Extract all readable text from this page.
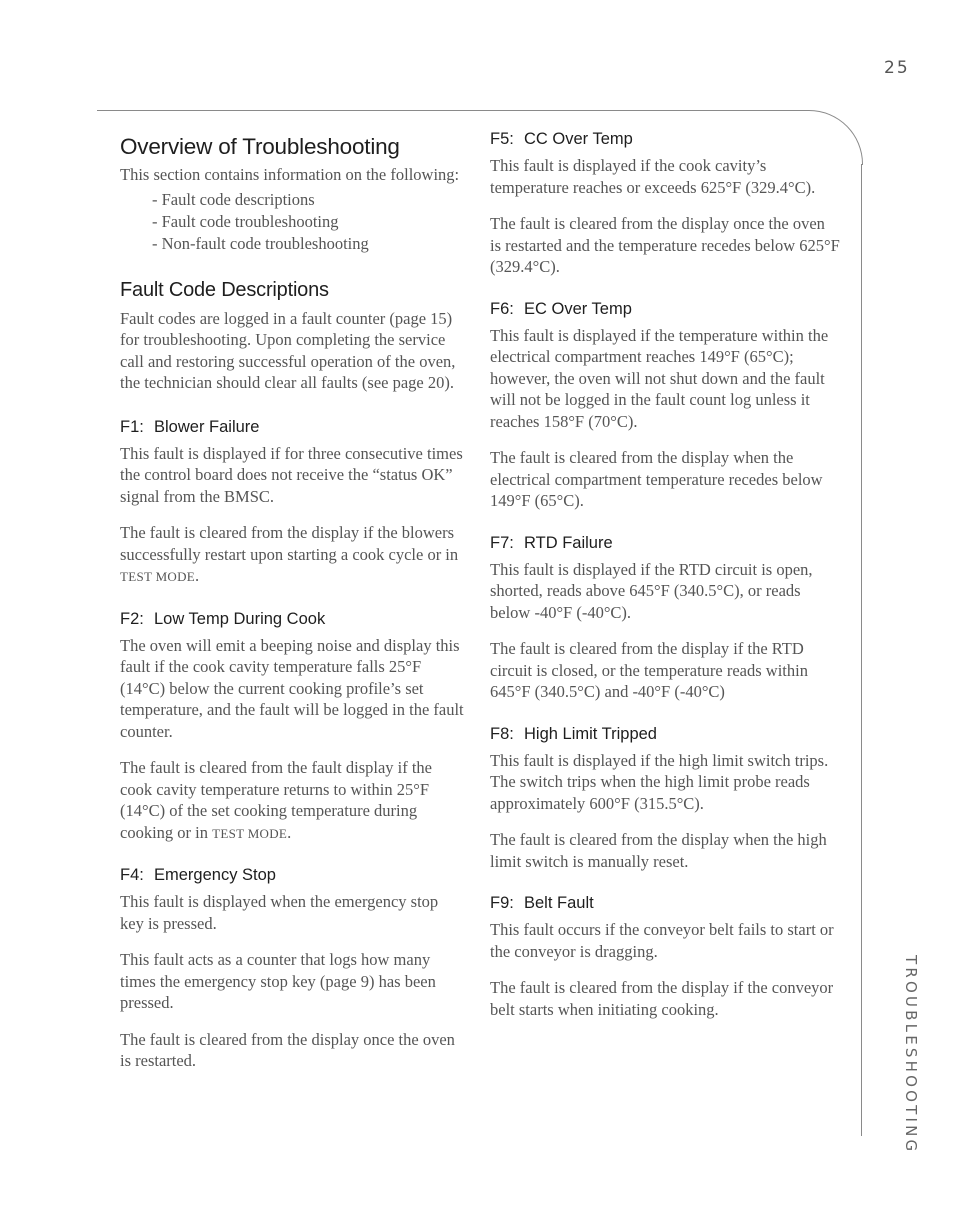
25
TROUBLESHOOTING
Overview of Troubleshooting

This section contains information on the following:

- Fault code descriptions
- Fault code troubleshooting
- Non-fault code troubleshooting
Fault Code Descriptions

Fault codes are logged in a fault counter (page 15) for troubleshooting. Upon completing the service call and restoring successful operation of the oven, the technician should clear all faults (see page 20).

F1: Blower Failure

This fault is displayed if for three consecutive times the control board does not receive the “status OK” signal from the BMSC.

The fault is cleared from the display if the blowers successfully restart upon starting a cook cycle or in TEST MODE.

F2: Low Temp During Cook

The oven will emit a beeping noise and display this fault if the cook cavity temperature falls 25°F (14°C) below the current cooking profile’s set temperature, and the fault will be logged in the fault counter.

The fault is cleared from the fault display if the cook cavity temperature returns to within 25°F (14°C) of the set cooking temperature during cooking or in TEST MODE.

F4: Emergency Stop

This fault is displayed when the emergency stop key is pressed.

This fault acts as a counter that logs how many times the emergency stop key (page 9) has been pressed.

The fault is cleared from the display once the oven is restarted.

F5: CC Over Temp

This fault is displayed if the cook cavity’s temperature reaches or exceeds 625°F (329.4°C).

The fault is cleared from the display once the oven is restarted and the temperature recedes below 625°F (329.4°C).

F6: EC Over Temp

This fault is displayed if the temperature within the electrical compartment reaches 149°F (65°C); however, the oven will not shut down and the fault will not be logged in the fault count log unless it reaches 158°F (70°C).

The fault is cleared from the display when the electrical compartment temperature recedes below 149°F (65°C).

F7: RTD Failure

This fault is displayed if the RTD circuit is open, shorted, reads above 645°F (340.5°C), or reads below -40°F (-40°C).

The fault is cleared from the display if the RTD circuit is closed, or the temperature reads within 645°F (340.5°C) and -40°F (-40°C)

F8: High Limit Tripped

This fault is displayed if the high limit switch trips. The switch trips when the high limit probe reads approximately 600°F (315.5°C).

The fault is cleared from the display when the high limit switch is manually reset.

F9: Belt Fault

This fault occurs if the conveyor belt fails to start or the conveyor is dragging.

The fault is cleared from the display if the conveyor belt starts when initiating cooking.
